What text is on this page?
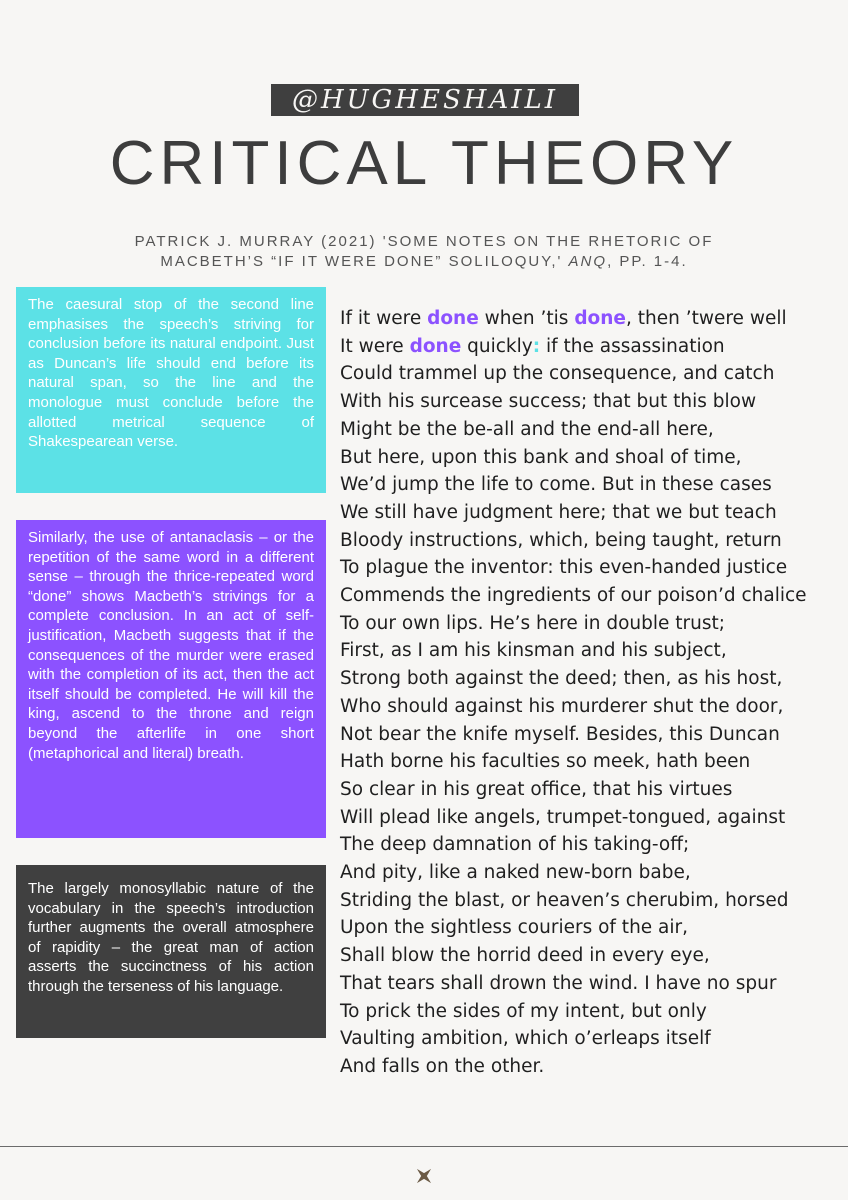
@HUGHESHAILI
CRITICAL THEORY
PATRICK J. MURRAY (2021) 'SOME NOTES ON THE RHETORIC OF MACBETH’S “IF IT WERE DONE” SOLILOQUY,' ANQ, PP. 1-4.

The caesural stop of the second line emphasises the speech’s striving for conclusion before its natural endpoint. Just as Duncan’s life should end before its natural span, so the line and the monologue must conclude before the allotted metrical sequence of Shakespearean verse.

Similarly, the use of antanaclasis – or the repetition of the same word in a different sense – through the thrice-repeated word “done” shows Macbeth’s strivings for a complete conclusion. In an act of self-justification, Macbeth suggests that if the consequences of the murder were erased with the completion of its act, then the act itself should be completed. He will kill the king, ascend to the throne and reign beyond the afterlife in one short (metaphorical and literal) breath.

The largely monosyllabic nature of the vocabulary in the speech’s introduction further augments the overall atmosphere of rapidity – the great man of action asserts the succinctness of his action through the terseness of his language.

If it were done when ’tis done, then ’twere well
It were done quickly: if the assassination
Could trammel up the consequence, and catch
With his surcease success; that but this blow
Might be the be-all and the end-all here,
But here, upon this bank and shoal of time,
We’d jump the life to come. But in these cases
We still have judgment here; that we but teach
Bloody instructions, which, being taught, return
To plague the inventor: this even-handed justice
Commends the ingredients of our poison’d chalice
To our own lips. He’s here in double trust;
First, as I am his kinsman and his subject,
Strong both against the deed; then, as his host,
Who should against his murderer shut the door,
Not bear the knife myself. Besides, this Duncan
Hath borne his faculties so meek, hath been
So clear in his great office, that his virtues
Will plead like angels, trumpet-tongued, against
The deep damnation of his taking-off;
And pity, like a naked new-born babe,
Striding the blast, or heaven’s cherubim, horsed
Upon the sightless couriers of the air,
Shall blow the horrid deed in every eye,
That tears shall drown the wind. I have no spur
To prick the sides of my intent, but only
Vaulting ambition, which o’erleaps itself
And falls on the other.
